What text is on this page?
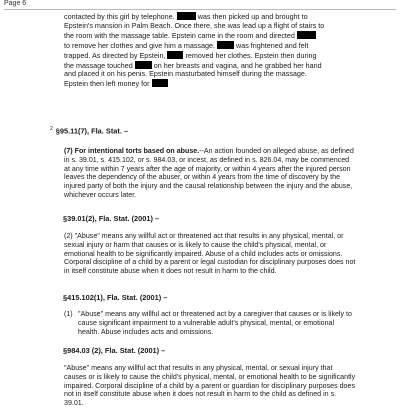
Page 6
contacted by this girl by telephone.	was then picked up and brought to
Epstein's mansion in Palm Beach. Once there, she was lead up a flight of stairs to
the room with the massage table. Epstein came in the room and directed
to remove her clothes and give him a massage.	was frightened and felt
trapped. As directed by Epstein,	removed her clothes. Epstein then during
the massage touched	on her breasts and vagina, and he grabbed her hand
and placed it on his penis. Epstein masturbated himself during the massage.
Epstein then left money for
$^2$ §95.11(7), Fla. Stat. –
(7) For intentional torts based on abuse.--An action founded on alleged abuse, as defined in s. 39.01, s. 415.102, or s. 984.03, or incest, as defined in s. 826.04, may be commenced at any time within 7 years after the age of majority, or within 4 years after the injured person leaves the dependency of the abuser, or within 4 years from the time of discovery by the injured party of both the injury and the causal relationship between the injury and the abuse, whichever occurs later.
§39.01(2), Fla. Stat. (2001) –
(2) "Abuse" means any willful act or threatened act that results in any physical, mental, or sexual injury or harm that causes or is likely to cause the child's physical, mental, or emotional health to be significantly impaired. Abuse of a child includes acts or omissions. Corporal discipline of a child by a parent or legal custodian for disciplinary purposes does not in itself constitute abuse when it does not result in harm to the child.
§415.102(1), Fla. Stat. (2001) –
(1) "Abuse" means any willful act or threatened act by a caregiver that causes or is likely to cause significant impairment to a vulnerable adult's physical, mental, or emotional health. Abuse includes acts and omissions.
§984.03 (2), Fla. Stat. (2001) –
"Abuse" means any willful act that results in any physical, mental, or sexual injury that causes or is likely to cause the child's physical, mental, or emotional health to be significantly impaired. Corporal discipline of a child by a parent or guardian for disciplinary purposes does not in itself constitute abuse when it does not result in harm to the child as defined in s. 39.01.
